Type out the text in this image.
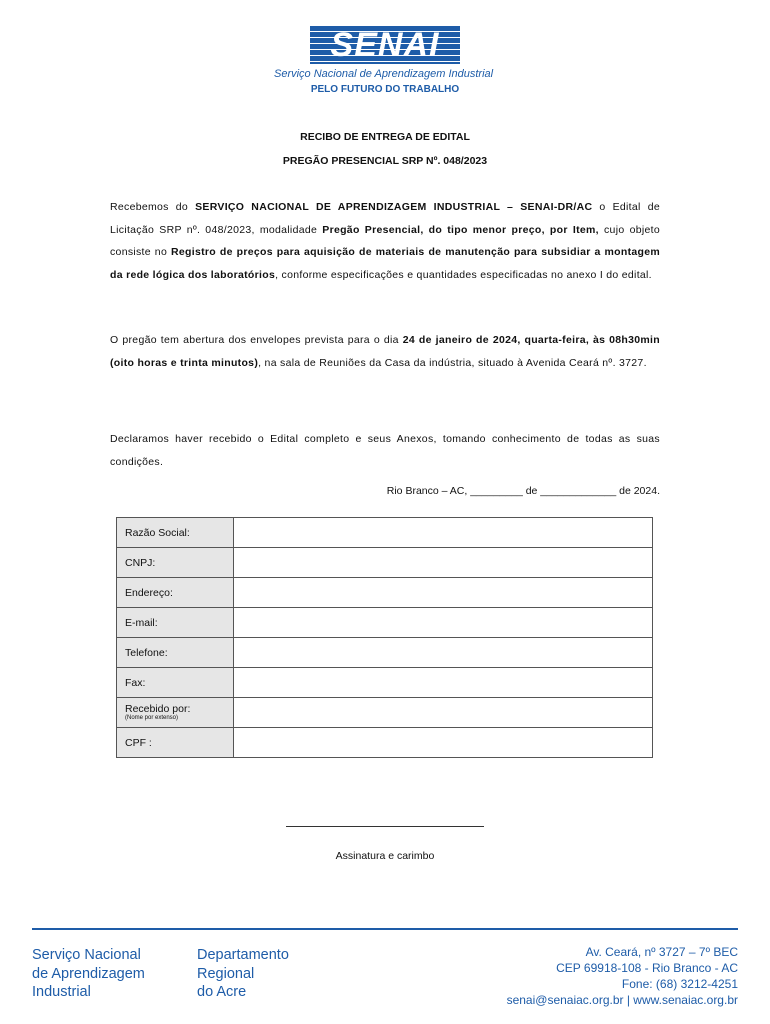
SENAI
Serviço Nacional de Aprendizagem Industrial
PELO FUTURO DO TRABALHO
RECIBO DE ENTREGA DE EDITAL
PREGÃO PRESENCIAL SRP Nº. 048/2023
Recebemos do SERVIÇO NACIONAL DE APRENDIZAGEM INDUSTRIAL – SENAI-DR/AC o Edital de Licitação SRP nº. 048/2023, modalidade Pregão Presencial, do tipo menor preço, por Item, cujo objeto consiste no Registro de preços para aquisição de materiais de manutenção para subsidiar a montagem da rede lógica dos laboratórios, conforme especificações e quantidades especificadas no anexo I do edital.
O pregão tem abertura dos envelopes prevista para o dia 24 de janeiro de 2024, quarta-feira, às 08h30min (oito horas e trinta minutos), na sala de Reuniões da Casa da indústria, situado à Avenida Ceará nº. 3727.
Declaramos haver recebido o Edital completo e seus Anexos, tomando conhecimento de todas as suas condições.
Rio Branco – AC, _________ de _____________ de 2024.
Razão Social:	
CNPJ:	
Endereço:	
E-mail:	
Telefone:	
Fax:	
Recebido por:
(Nome por extenso)	

CPF :	
Assinatura e carimbo
Serviço Nacional
de Aprendizagem
Industrial
Departamento
Regional
do Acre
Av. Ceará, nº 3727 – 7º BEC
CEP 69918-108 - Rio Branco - AC
Fone: (68) 3212-4251
senai@senaiac.org.br | www.senaiac.org.br
